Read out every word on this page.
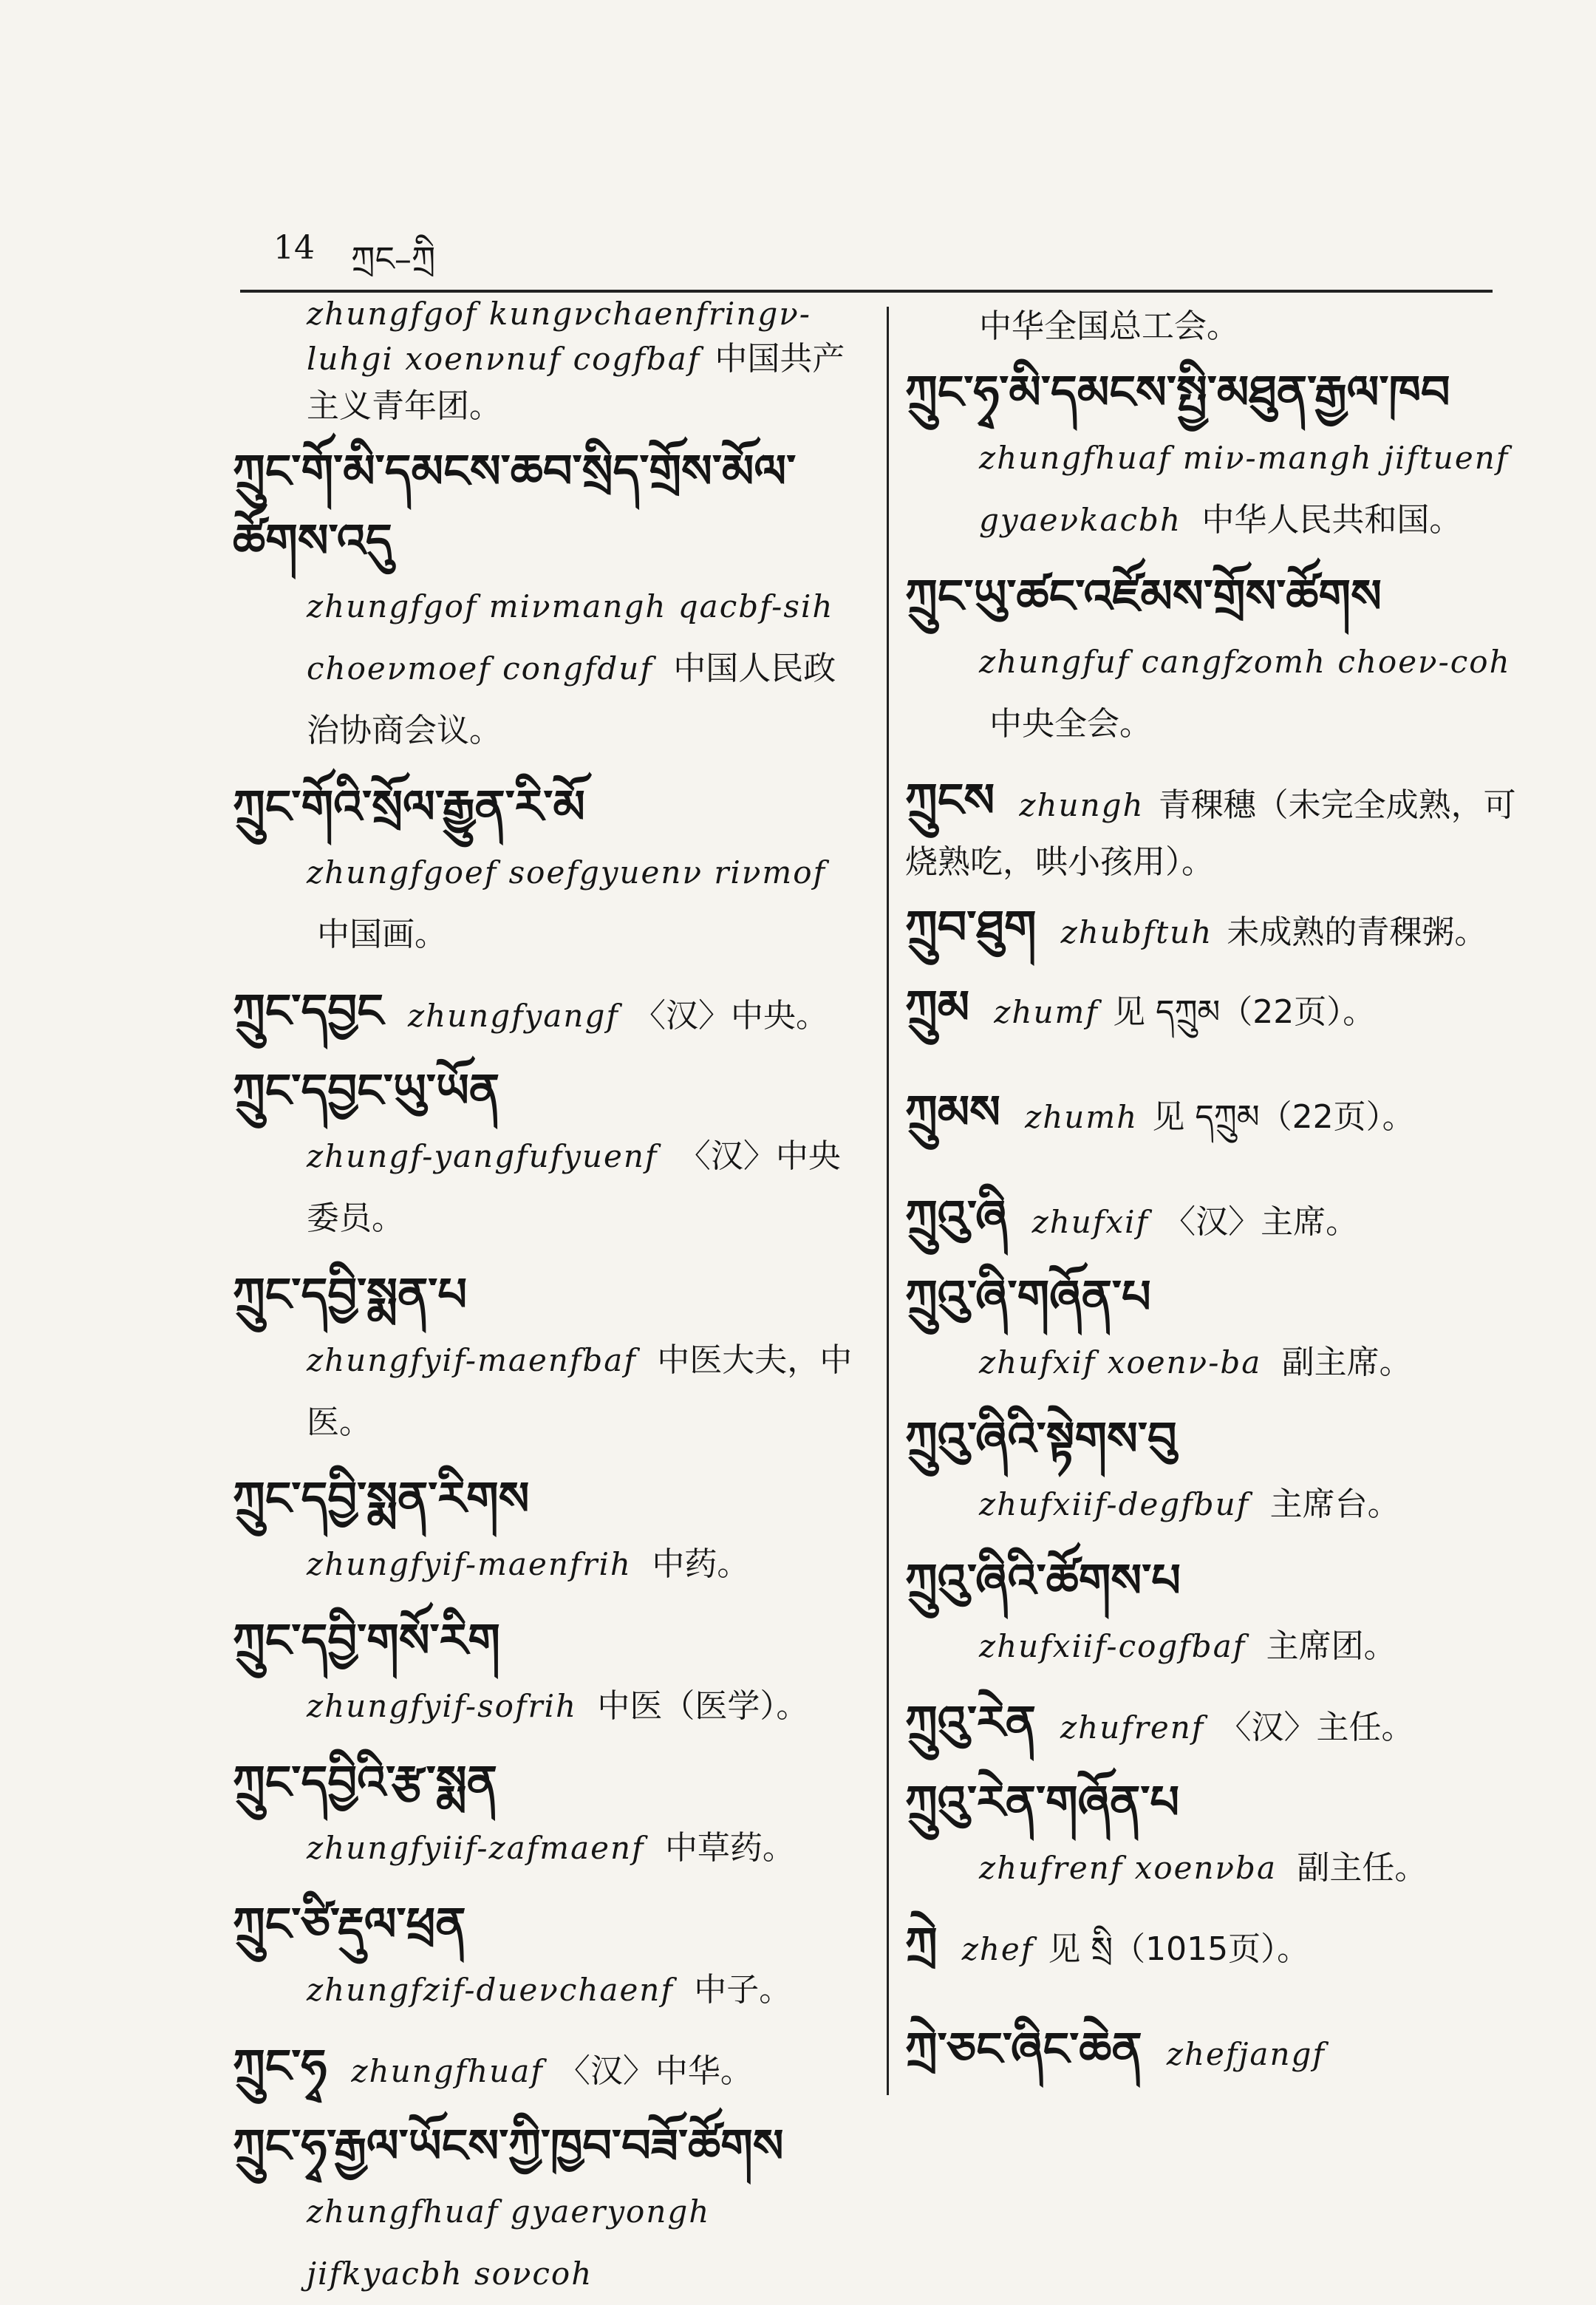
14 ཀྲང–ཀྲི
zhungfgof kungνchaenfringν-luhgi xoenνnuf cogfbaf 中国共产主义青年团。
ཀྲུང་གོ་མི་དམངས་ཆབ་སྲིད་གྲོས་མོལ་ཚོགས་འདུ
zhungfgof miνmangh qacbf-sih choeνmoef congfduf 中国人民政治协商会议。
ཀྲུང་གོའི་སྲོལ་རྒྱུན་རི་མོ
zhungfgoef soefgyuenν riνmof 中国画。
ཀྲུང་དབྱང zhungfyangf 〈汉〉中央。
ཀྲུང་དབྱང་ཡུ་ཡོན
zhungf-yangfufyuenf 〈汉〉中央委员。
ཀྲུང་དབྱི་སྨན་པ
zhungfyif-maenfbaf 中医大夫，中医。
ཀྲུང་དབྱི་སྨན་རིགས
zhungfyif-maenfrih 中药。
ཀྲུང་དབྱི་གསོ་རིག
zhungfyif-sofrih 中医（医学）。
ཀྲུང་དབྱིའི་རྩ་སྨན
zhungfyiif-zafmaenf 中草药。
ཀྲུང་ཙི་རྡུལ་ཕྲན
zhungfzif-dueνchaenf 中子。
ཀྲུང་ཧྭ zhungfhuaf 〈汉〉中华。
ཀྲུང་ཧྭ་རྒྱལ་ཡོངས་ཀྱི་ཁྱབ་བཟོ་ཚོགས
zhungfhuaf gyaeryongh jifkyacbh soνcoh
中华全国总工会。
ཀྲུང་ཧྭ་མི་དམངས་སྤྱི་མཐུན་རྒྱལ་ཁབ
zhungfhuaf miν-mangh jiftuenf gyaeνkacbh 中华人民共和国。
ཀྲུང་ཡུ་ཚང་འཛོམས་གྲོས་ཚོགས
zhungfuf cangfzomh choeν-coh 中央全会。
ཀྲུངས zhungh 青稞穗（未完全成熟，可烧熟吃，哄小孩用）。
ཀྲུབ་ཐུག zhubftuh 未成熟的青稞粥。
ཀྲུམ zhumf 见 དཀྲུམ（22页）。
ཀྲུམས zhumh 见 དཀྲུམ（22页）。
ཀྲུའུ་ཞི zhufxif 〈汉〉主席。
ཀྲུའུ་ཞི་གཞོན་པ
zhufxif xoenν-ba 副主席。
ཀྲུའུ་ཞིའི་སྟེགས་བུ
zhufxiif-degfbuf 主席台。
ཀྲུའུ་ཞིའི་ཚོགས་པ
zhufxiif-cogfbaf 主席团。
ཀྲུའུ་རེན zhufrenf 〈汉〉主任。
ཀྲུའུ་རེན་གཞོན་པ
zhufrenf xoenνba 副主任。
ཀྲེ zhef 见 སྲི（1015页）。
ཀྲེ་ཅང་ཞིང་ཆེན zhefjangf
